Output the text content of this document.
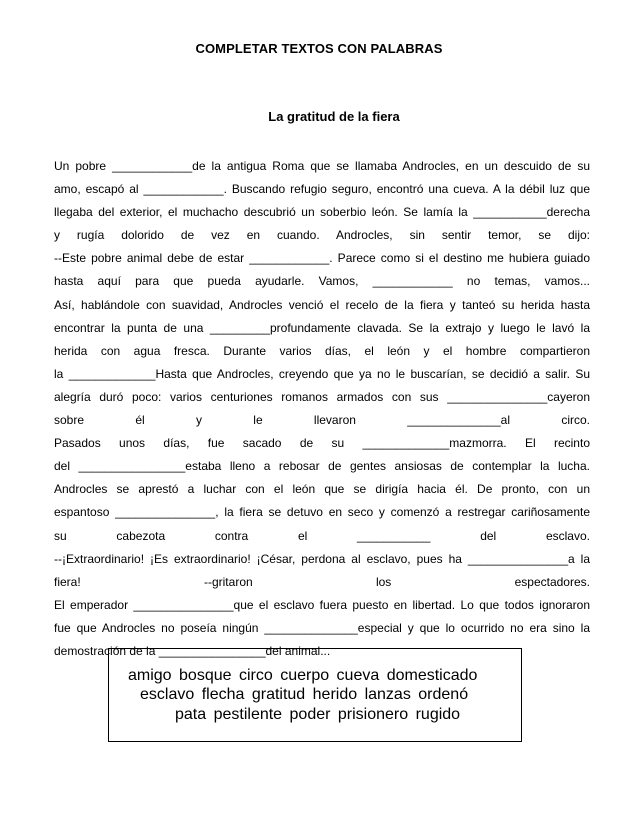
COMPLETAR TEXTOS CON PALABRAS
La gratitud de la fiera
Un pobre ____________de la antigua Roma que se llamaba Androcles, en un descuido de su
amo, escapó al ____________. Buscando refugio seguro, encontró una cueva. A la débil luz que
llegaba del exterior, el muchacho descubrió un soberbio león. Se lamía la ___________derecha
y rugía dolorido de vez en cuando. Androcles, sin sentir temor, se dijo:
--Este pobre animal debe de estar ____________. Parece como si el destino me hubiera guiado
hasta aquí para que pueda ayudarle. Vamos, ____________ no temas, vamos...
Así, hablándole con suavidad, Androcles venció el recelo de la fiera y tanteó su herida hasta
encontrar la punta de una _________profundamente clavada. Se la extrajo y luego le lavó la
herida con agua fresca. Durante varios días, el león y el hombre compartieron
la _____________Hasta que Androcles, creyendo que ya no le buscarían, se decidió a salir. Su
alegría duró poco: varios centuriones romanos armados con sus _______________cayeron
sobre él y le llevaron ______________al circo.
Pasados unos días, fue sacado de su _____________mazmorra. El recinto
del ________________estaba lleno a rebosar de gentes ansiosas de contemplar la lucha.
Androcles se aprestó a luchar con el león que se dirigía hacia él. De pronto, con un
espantoso _______________, la fiera se detuvo en seco y comenzó a restregar cariñosamente
su cabezota contra el ___________ del esclavo.
--¡Extraordinario! ¡Es extraordinario! ¡César, perdona al esclavo, pues ha _______________a la
fiera! --gritaron los espectadores.
El emperador _______________que el esclavo fuera puesto en libertad. Lo que todos ignoraron
fue que Androcles no poseía ningún ______________especial y que lo ocurrido no era sino la
demostración de la ________________del animal...
amigo bosque circo cuerpo cueva domesticado
esclavo flecha gratitud herido lanzas ordenó
pata pestilente poder prisionero rugido
